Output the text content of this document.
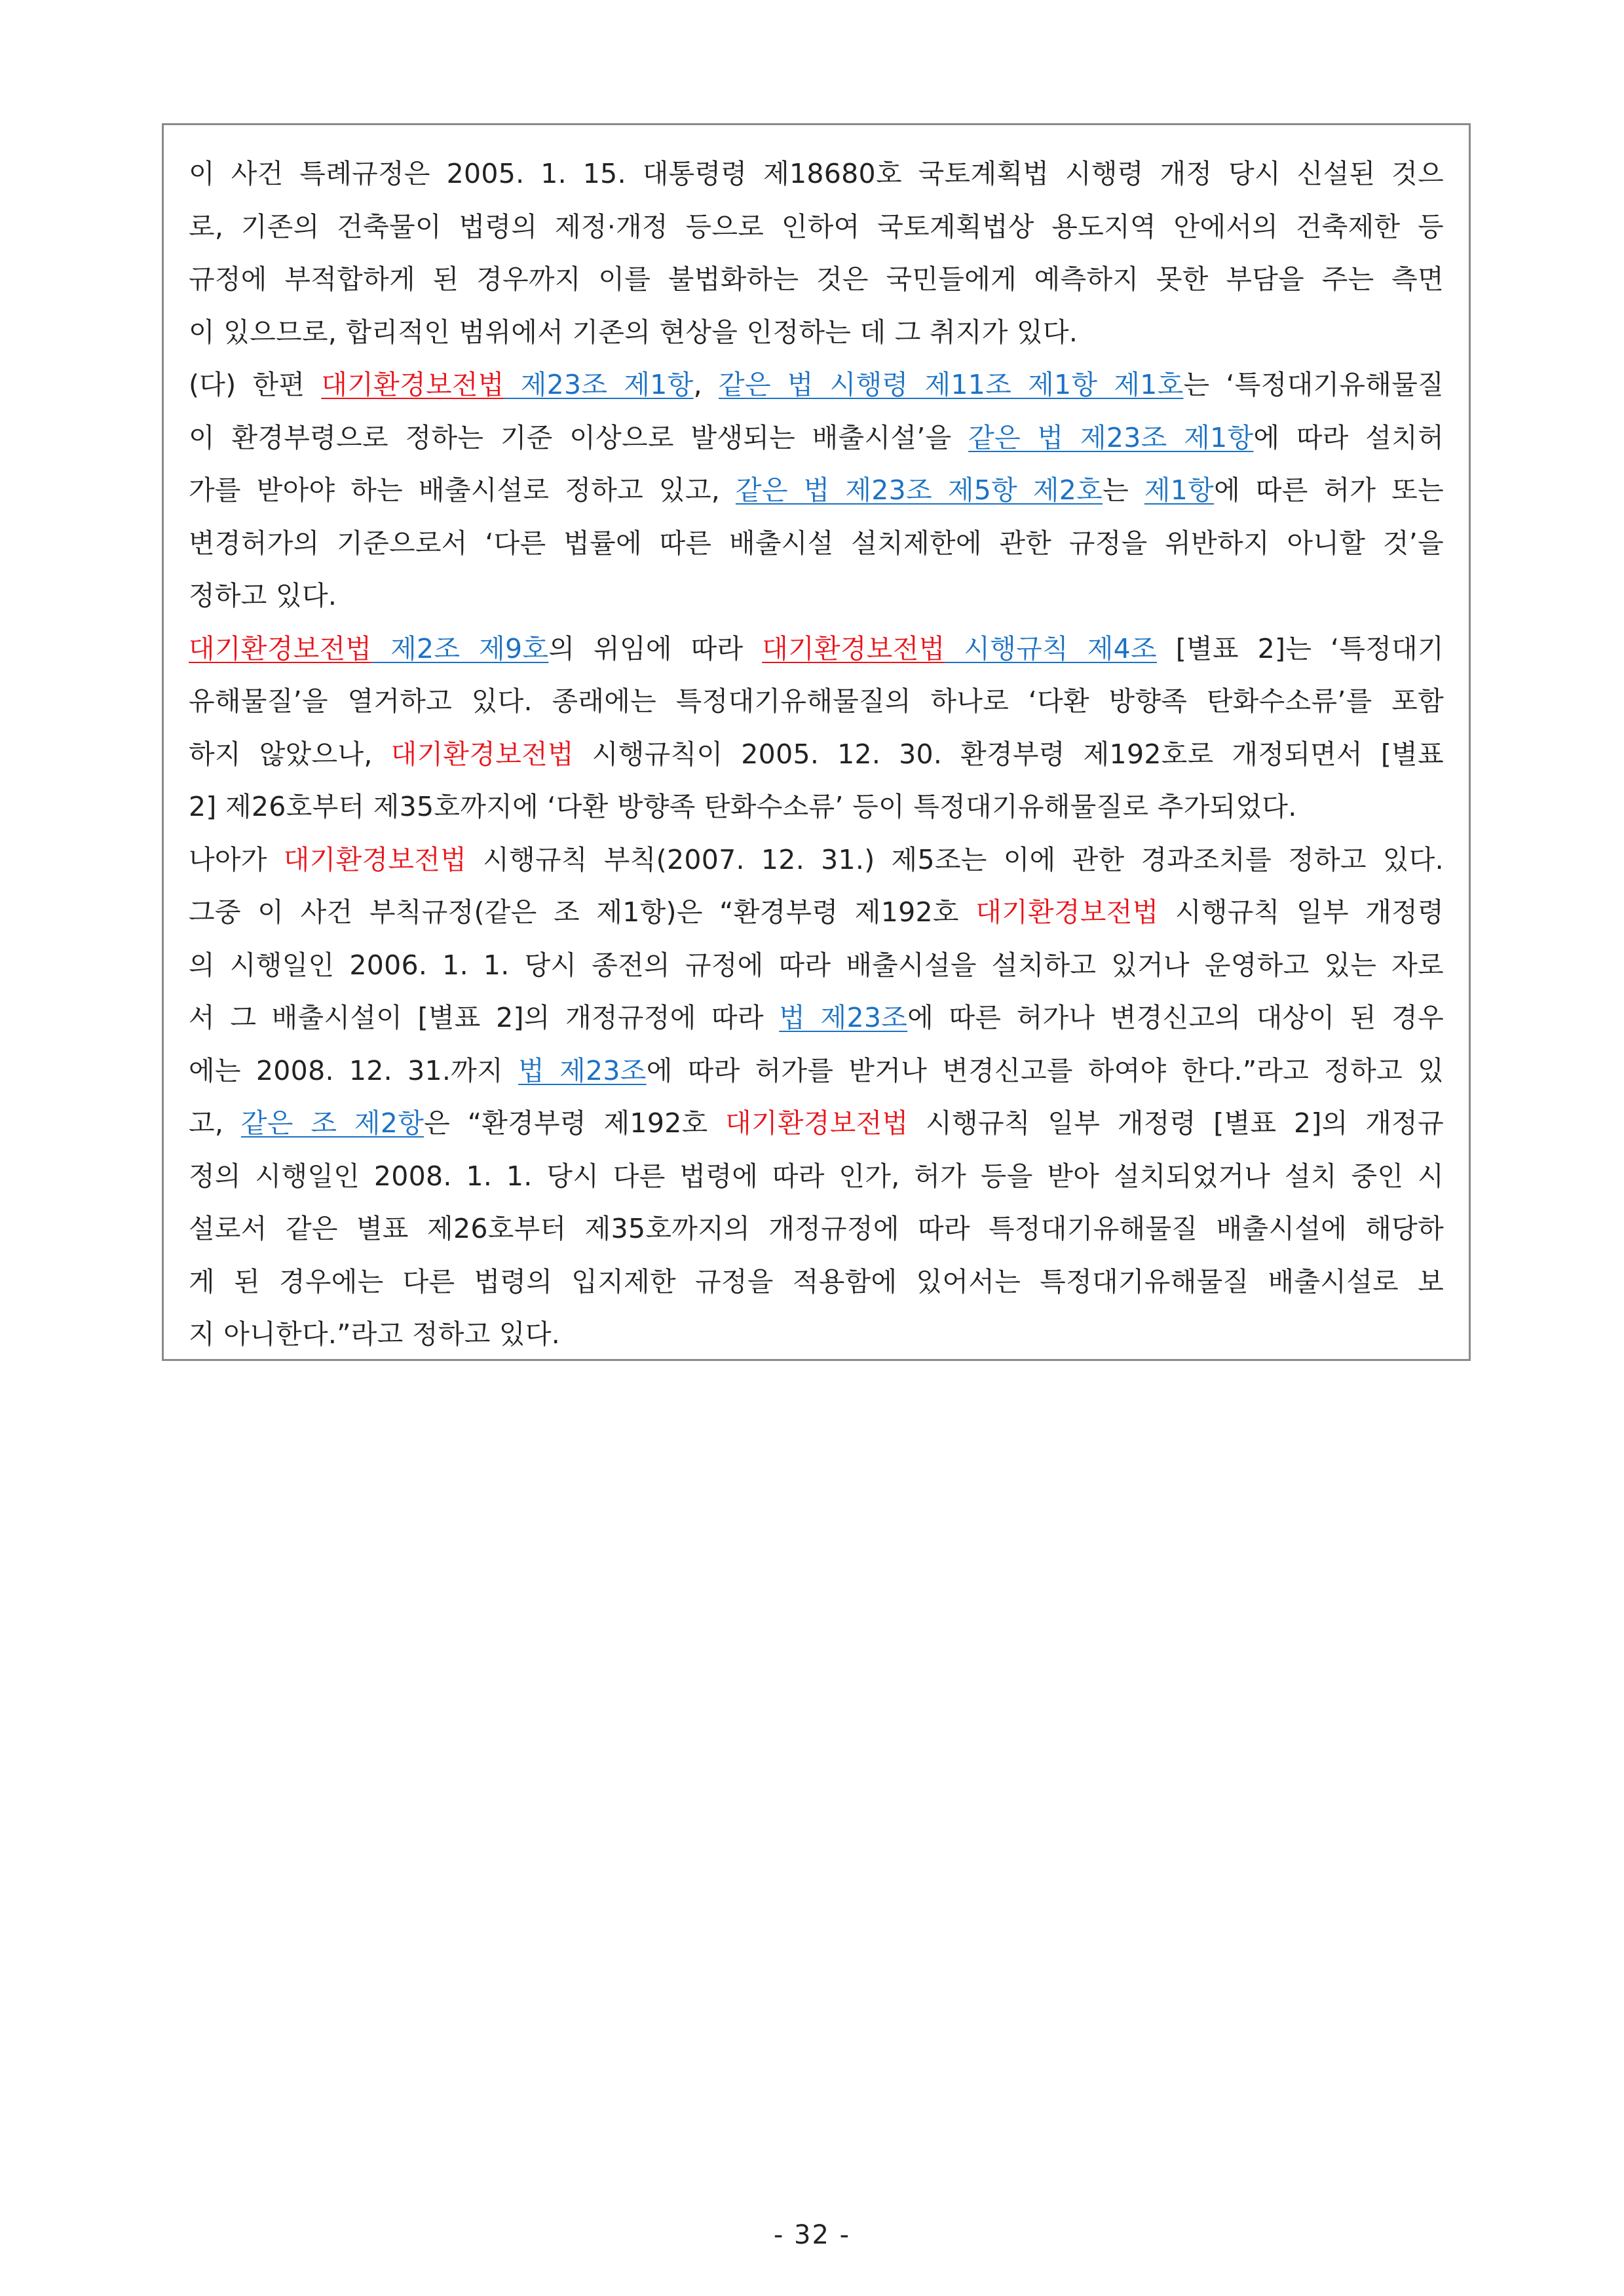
이 사건 특례규정은 2005. 1. 15. 대통령령 제18680호 국토계획법 시행령 개정 당시 신설된 것으
로, 기존의 건축물이 법령의 제정·개정 등으로 인하여 국토계획법상 용도지역 안에서의 건축제한 등
규정에 부적합하게 된 경우까지 이를 불법화하는 것은 국민들에게 예측하지 못한 부담을 주는 측면
이 있으므로, 합리적인 범위에서 기존의 현상을 인정하는 데 그 취지가 있다.
(다) 한편 대기환경보전법 제23조 제1항, 같은 법 시행령 제11조 제1항 제1호는 ‘특정대기유해물질
이 환경부령으로 정하는 기준 이상으로 발생되는 배출시설’을 같은 법 제23조 제1항에 따라 설치허
가를 받아야 하는 배출시설로 정하고 있고, 같은 법 제23조 제5항 제2호는 제1항에 따른 허가 또는
변경허가의 기준으로서 ‘다른 법률에 따른 배출시설 설치제한에 관한 규정을 위반하지 아니할 것’을
정하고 있다.
대기환경보전법 제2조 제9호의 위임에 따라 대기환경보전법 시행규칙 제4조 [별표 2]는 ‘특정대기
유해물질’을 열거하고 있다. 종래에는 특정대기유해물질의 하나로 ‘다환 방향족 탄화수소류’를 포함
하지 않았으나, 대기환경보전법 시행규칙이 2005. 12. 30. 환경부령 제192호로 개정되면서 [별표
2] 제26호부터 제35호까지에 ‘다환 방향족 탄화수소류’ 등이 특정대기유해물질로 추가되었다.
나아가 대기환경보전법 시행규칙 부칙(2007. 12. 31.) 제5조는 이에 관한 경과조치를 정하고 있다.
그중 이 사건 부칙규정(같은 조 제1항)은 “환경부령 제192호 대기환경보전법 시행규칙 일부 개정령
의 시행일인 2006. 1. 1. 당시 종전의 규정에 따라 배출시설을 설치하고 있거나 운영하고 있는 자로
서 그 배출시설이 [별표 2]의 개정규정에 따라 법 제23조에 따른 허가나 변경신고의 대상이 된 경우
에는 2008. 12. 31.까지 법 제23조에 따라 허가를 받거나 변경신고를 하여야 한다.”라고 정하고 있
고, 같은 조 제2항은 “환경부령 제192호 대기환경보전법 시행규칙 일부 개정령 [별표 2]의 개정규
정의 시행일인 2008. 1. 1. 당시 다른 법령에 따라 인가, 허가 등을 받아 설치되었거나 설치 중인 시
설로서 같은 별표 제26호부터 제35호까지의 개정규정에 따라 특정대기유해물질 배출시설에 해당하
게 된 경우에는 다른 법령의 입지제한 규정을 적용함에 있어서는 특정대기유해물질 배출시설로 보
지 아니한다.”라고 정하고 있다.
- 32 -
